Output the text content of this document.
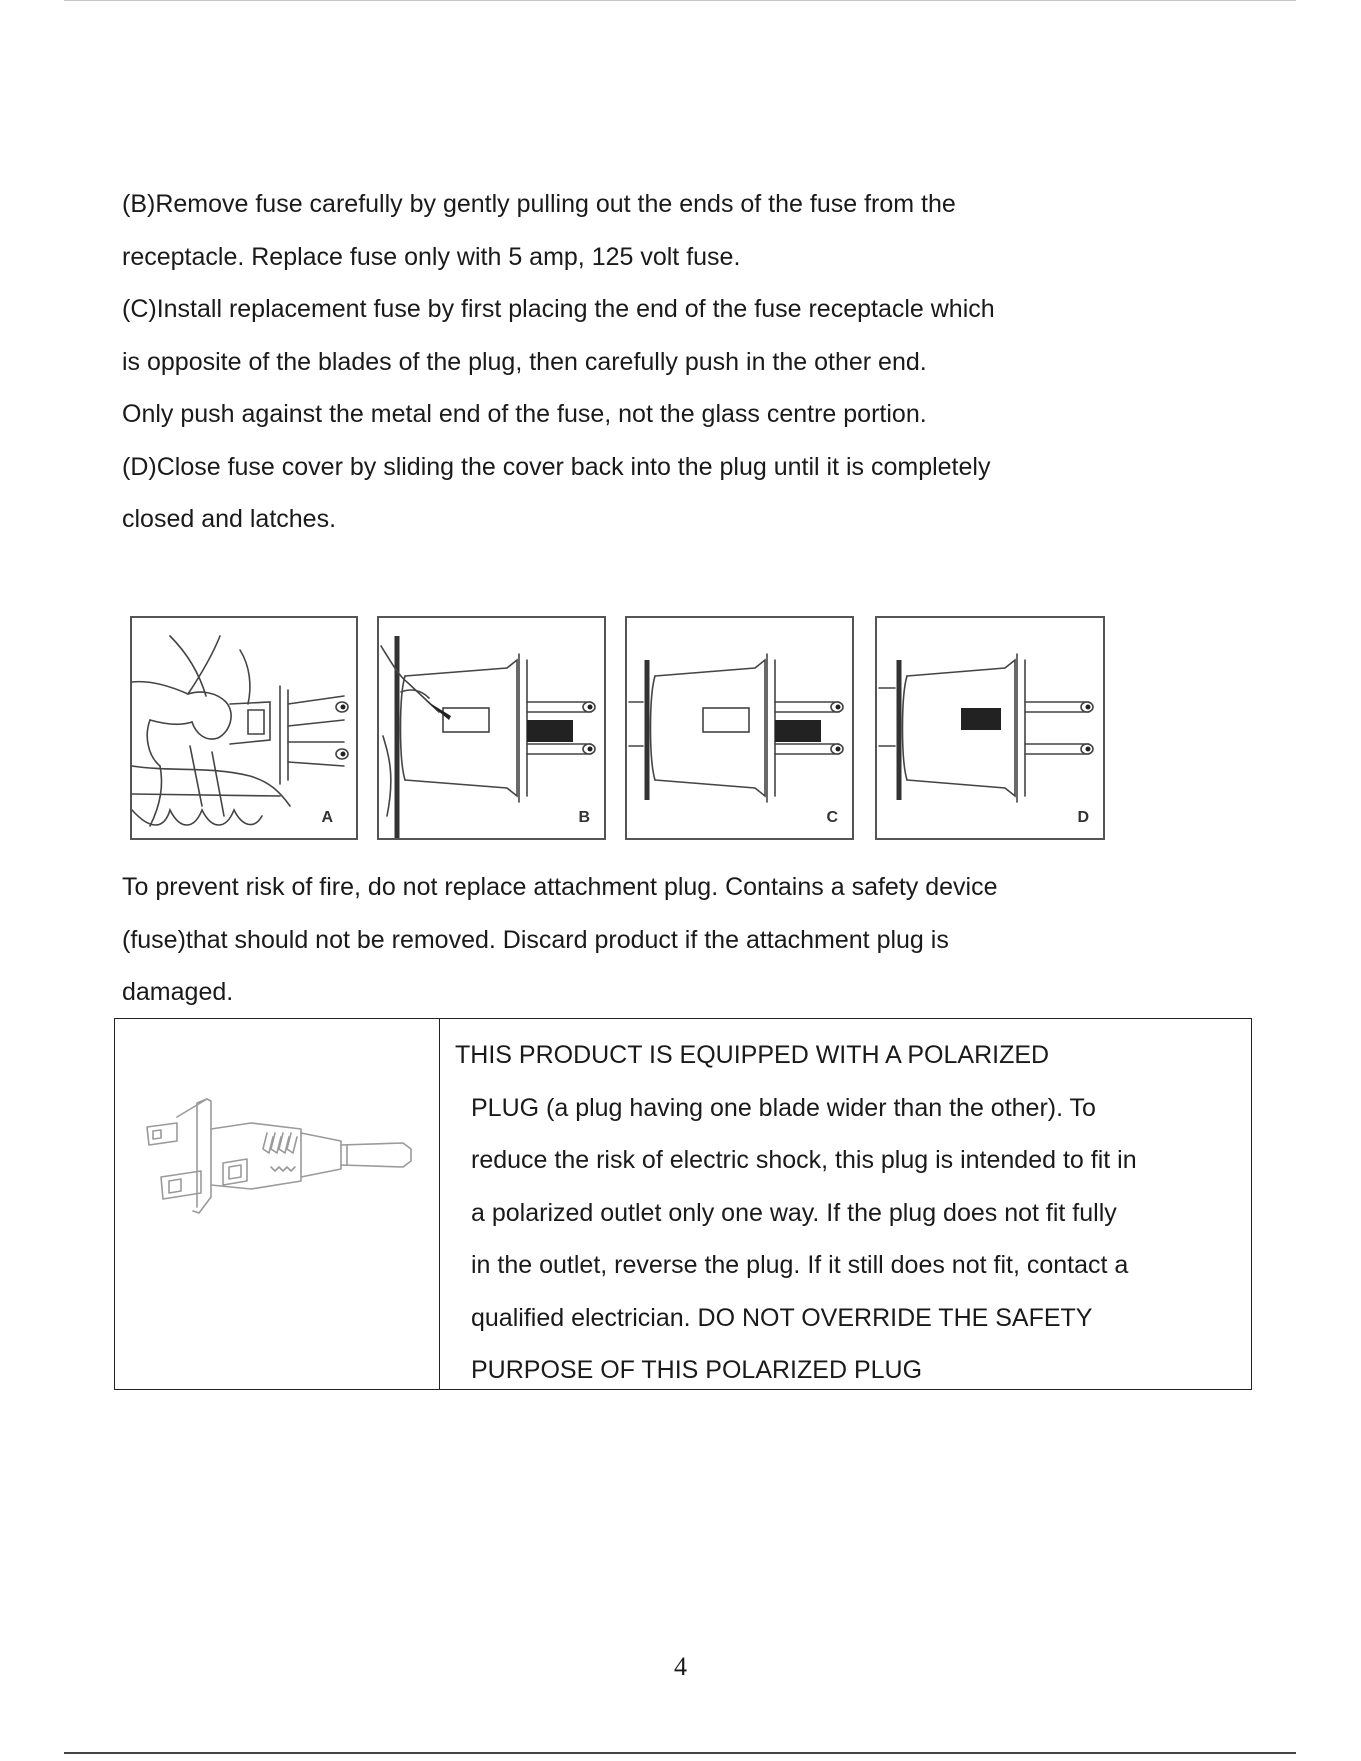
(B)Remove fuse carefully by gently pulling out the ends of the fuse from the
receptacle. Replace fuse only with 5 amp, 125 volt fuse.
(C)Install replacement fuse by first placing the end of the fuse receptacle which
is opposite of the blades of the plug, then carefully push in the other end.
Only push against the metal end of the fuse, not the glass centre portion.
(D)Close fuse cover by sliding the cover back into the plug until it is completely
closed and latches.
A	B	C	D
To prevent risk of fire, do not replace attachment plug. Contains a safety device
(fuse)that should not be removed. Discard product if the attachment plug is
damaged.
THIS PRODUCT IS EQUIPPED WITH A POLARIZED
PLUG (a plug having one blade wider than the other). To
reduce the risk of electric shock, this plug is intended to fit in
a polarized outlet only one way. If the plug does not fit fully
in the outlet, reverse the plug. If it still does not fit, contact a
qualified electrician. DO NOT OVERRIDE THE SAFETY
PURPOSE OF THIS POLARIZED PLUG
4
